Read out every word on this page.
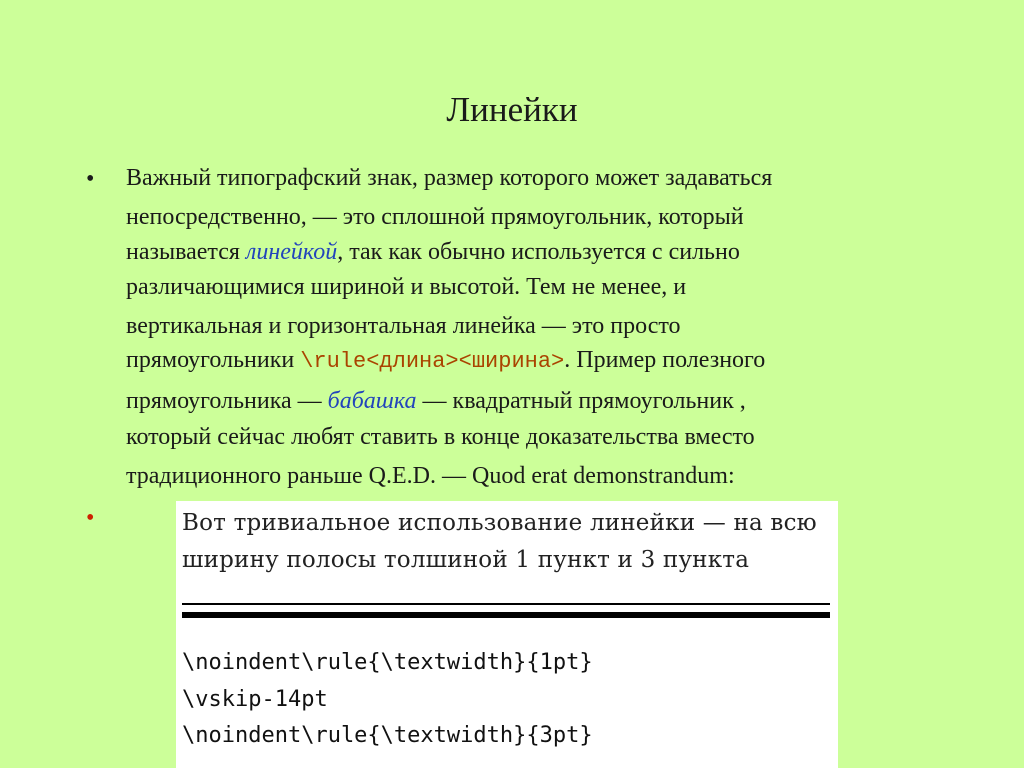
Линейки
• Важный типографский знак, размер которого может задаваться
непосредственно, — это сплошной прямоугольник, который
называется линейкой, так как обычно используется с сильно
различающимися шириной и высотой. Тем не менее, и
вертикальная и горизонтальная линейка — это просто
прямоугольники \rule<длина><ширина>. Пример полезного
прямоугольника — бабашка — квадратный прямоугольник ,
который сейчас любят ставить в конце доказательства вместо
традиционного раньше Q.E.D. — Quod erat demonstrandum:
•	Вот тривиальное использование линейки — на всю
ширину полосы толшиной 1 пункт и 3 пункта
\noindent\rule{\textwidth}{1pt}
\vskip-14pt
\noindent\rule{\textwidth}{3pt}
